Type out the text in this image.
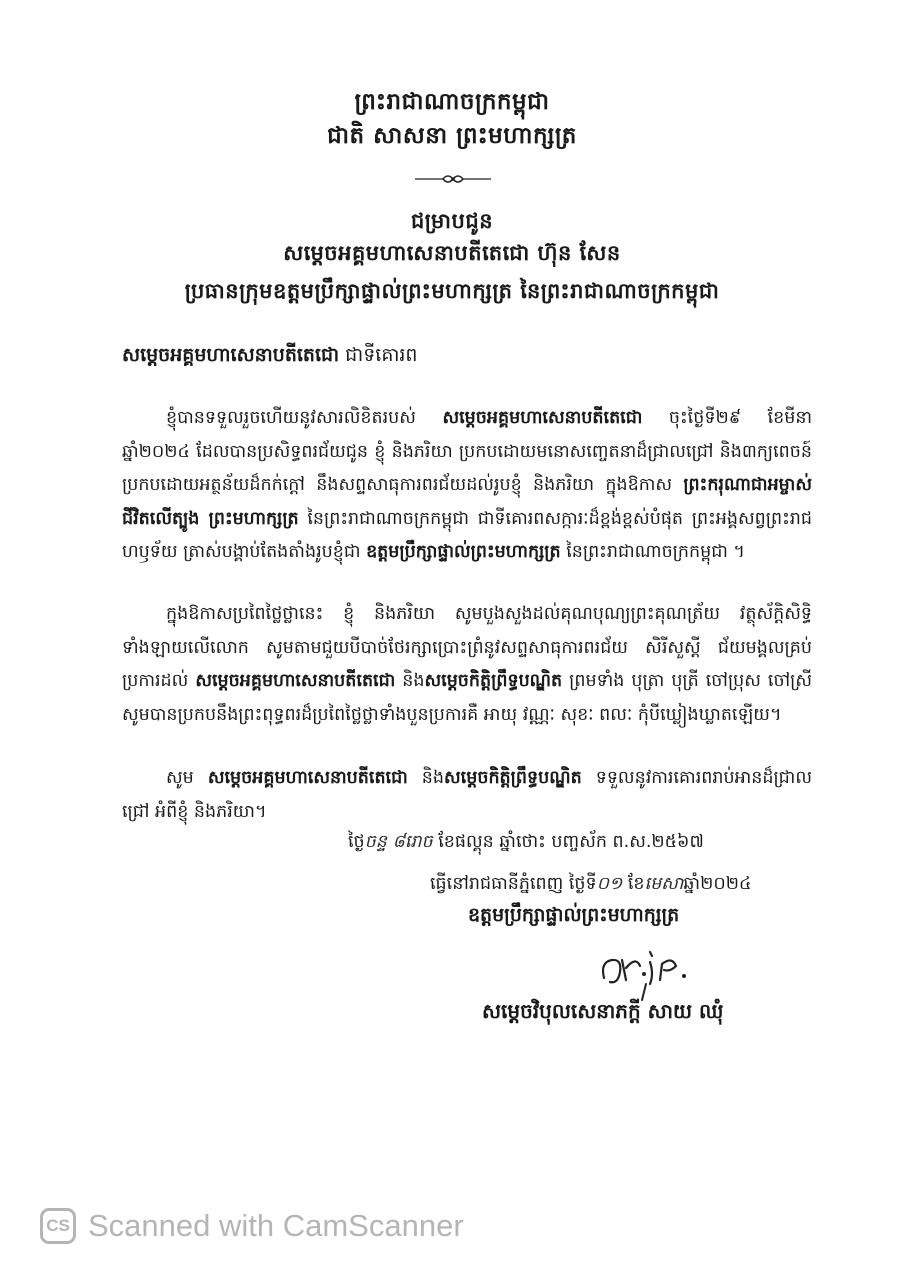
ព្រះរាជាណាចក្រកម្ពុជា
ជាតិ សាសនា ព្រះមហាក្សត្រ
ជម្រាបជូន
សម្តេចអគ្គមហាសេនាបតីតេជោ ហ៊ុន សែន
ប្រធានក្រុមឧត្តមប្រឹក្សាផ្ទាល់ព្រះមហាក្សត្រ នៃព្រះរាជាណាចក្រកម្ពុជា
សម្តេចអគ្គមហាសេនាបតីតេជោ ជាទីគោរព
ខ្ញុំបានទទួលរួចហើយនូវសារលិខិតរបស់ សម្តេចអគ្គមហាសេនាបតីតេជោ ចុះថ្ងៃទី២៩ ខែមីនា ឆ្នាំ២០២៤ ដែលបានប្រសិទ្ធពរជ័យជូន ខ្ញុំ និងភរិយា ប្រកបដោយមនោសញ្ចេតនាដ៏ជ្រាលជ្រៅ និង៣ក្យពេចន៍ប្រកបដោយអត្ថន័យដ៏កក់ក្តៅ នឹងសព្ទសាធុការពរជ័យដល់រូបខ្ញុំ និងភរិយា ក្នុងឱកាស ព្រះករុណាជាអម្ចាស់ជីវិតលើត្បូង ព្រះមហាក្សត្រ នៃព្រះរាជាណាចក្រកម្ពុជា ជាទីគោរពសក្ការៈដ៏ខ្ពង់ខ្ពស់បំផុត ព្រះអង្គសព្វព្រះរាជហឫទ័យ ត្រាស់បង្គាប់តែងតាំងរូបខ្ញុំជា ឧត្តមប្រឹក្សាផ្ទាល់ព្រះមហាក្សត្រ នៃព្រះរាជាណាចក្រកម្ពុជា ។
ក្នុងឱកាសប្រពៃថ្លៃថ្លានេះ ខ្ញុំ និងភរិយា សូមបួងសួងដល់គុណបុណ្យព្រះគុណត្រ័យ វត្ថុស័ក្តិសិទ្ធិទាំងឡាយលើលោក សូមតាមជួយបីបាច់ថែរក្សាប្រោះព្រំនូវសព្ទសាធុការពរជ័យ សិរីសួស្តី ជ័យមង្គលគ្រប់ប្រការដល់ សម្តេចអគ្គមហាសេនាបតីតេជោ និងសម្តេចកិត្តិព្រឹទ្ធបណ្ឌិត ព្រមទាំង បុត្រា បុត្រី ចៅប្រុស ចៅស្រី សូមបានប្រកបនឹងព្រះពុទ្ធពរដ៏ប្រពៃថ្លៃថ្លាទាំងបួនប្រការគឺ អាយុ វណ្ណៈ សុខៈ ពលៈ កុំបីឃ្លៀងឃ្លាតឡើយ។
សូម សម្តេចអគ្គមហាសេនាបតីតេជោ និងសម្តេចកិត្តិព្រឹទ្ធបណ្ឌិត ទទួលនូវការគោរពរាប់អានដ៏ជ្រាលជ្រៅ អំពីខ្ញុំ និងភរិយា។
ថ្ងៃចន្ទ ៨រោច ខែផល្គុន ឆ្នាំថោះ បញ្ចស័ក ព.ស.២៥៦៧
ធ្វើនៅរាជធានីភ្នំពេញ ថ្ងៃទី០១ ខែមេសាឆ្នាំ២០២៤
ឧត្តមប្រឹក្សាផ្ទាល់ព្រះមហាក្សត្រ
សម្តេចវិបុលសេនាភក្តី សាយ ឈុំ
CS Scanned with CamScanner
